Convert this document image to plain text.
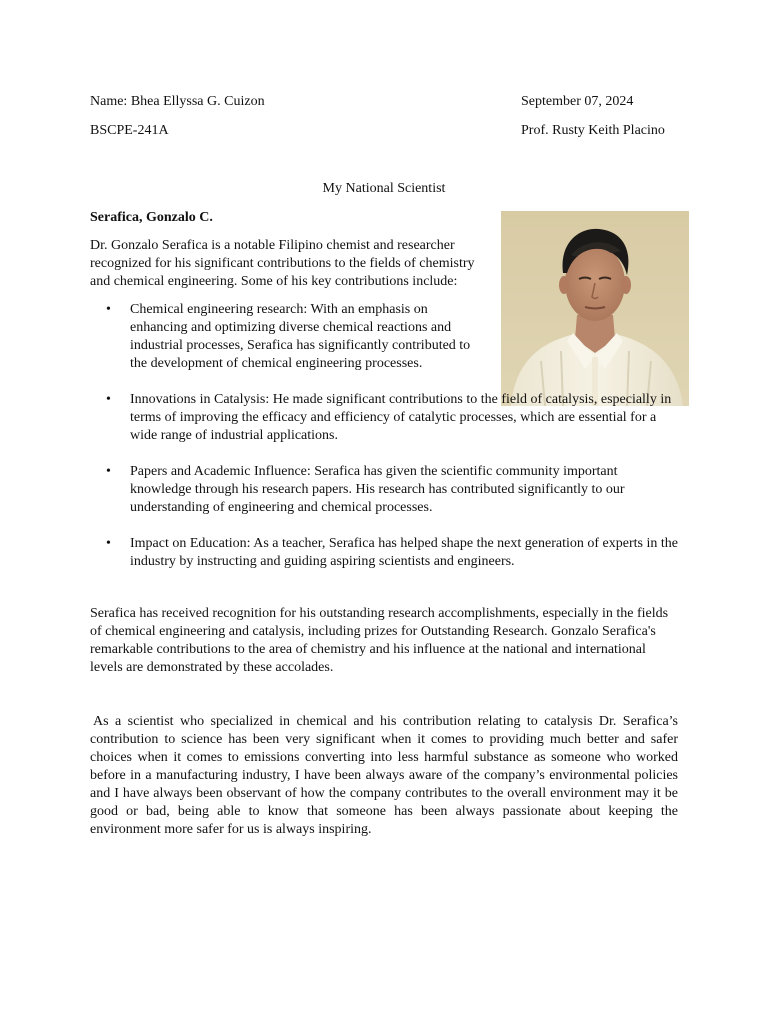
Name: Bhea Ellyssa G. Cuizon	September 07, 2024
BSCPE-241A	Prof. Rusty Keith Placino
My National Scientist
Serafica, Gonzalo C.
Dr. Gonzalo Serafica is a notable Filipino chemist and researcher recognized for his significant contributions to the fields of chemistry and chemical engineering. Some of his key contributions include:
• Chemical engineering research: With an emphasis on enhancing and optimizing diverse chemical reactions and industrial processes, Serafica has significantly contributed to the development of chemical engineering processes.
• Innovations in Catalysis: He made significant contributions to the field of catalysis, especially in terms of improving the efficacy and efficiency of catalytic processes, which are essential for a wide range of industrial applications.
• Papers and Academic Influence: Serafica has given the scientific community important knowledge through his research papers. His research has contributed significantly to our understanding of engineering and chemical processes.
• Impact on Education: As a teacher, Serafica has helped shape the next generation of experts in the industry by instructing and guiding aspiring scientists and engineers.
Serafica has received recognition for his outstanding research accomplishments, especially in the fields of chemical engineering and catalysis, including prizes for Outstanding Research. Gonzalo Serafica's remarkable contributions to the area of chemistry and his influence at the national and international levels are demonstrated by these accolades.
As a scientist who specialized in chemical and his contribution relating to catalysis Dr. Serafica’s contribution to science has been very significant when it comes to providing much better and safer choices when it comes to emissions converting into less harmful substance as someone who worked before in a manufacturing industry, I have been always aware of the company’s environmental policies and I have always been observant of how the company contributes to the overall environment may it be good or bad, being able to know that someone has been always passionate about keeping the environment more safer for us is always inspiring.
